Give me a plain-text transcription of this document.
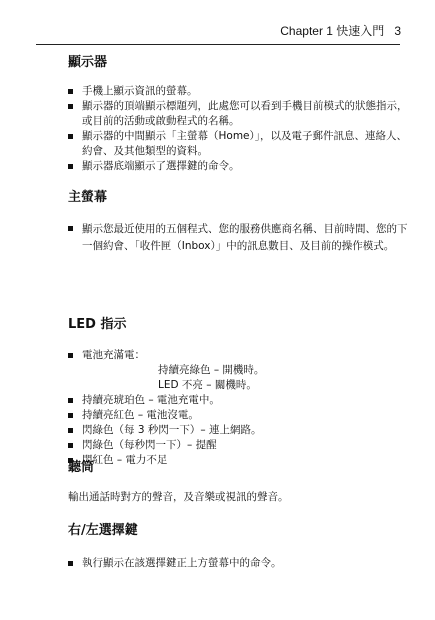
Chapter 1 快速入門 3
顯示器
手機上顯示資訊的螢幕。
顯示器的頂端顯示標題列，此處您可以看到手機目前模式的狀態指示，或目前的活動或啟動程式的名稱。
顯示器的中間顯示「主螢幕（Home）」，以及電子郵件訊息、連絡人、約會、及其他類型的資料。
顯示器底端顯示了選擇鍵的命令。
主螢幕
顯示您最近使用的五個程式、您的服務供應商名稱、目前時間、您的下一個約會、「收件匣（Inbox）」中的訊息數目、及目前的操作模式。
LED 指示
電池充滿電：
持續亮綠色 – 開機時。
LED 不亮 – 關機時。
持續亮琥珀色 – 電池充電中。
持續亮紅色 – 電池沒電。
閃綠色（每 3 秒閃一下）– 連上網路。
閃綠色（每秒閃一下）– 提醒
閃紅色 – 電力不足
聽筒

輸出通話時對方的聲音，及音樂或視訊的聲音。

右/左選擇鍵
執行顯示在該選擇鍵正上方螢幕中的命令。
